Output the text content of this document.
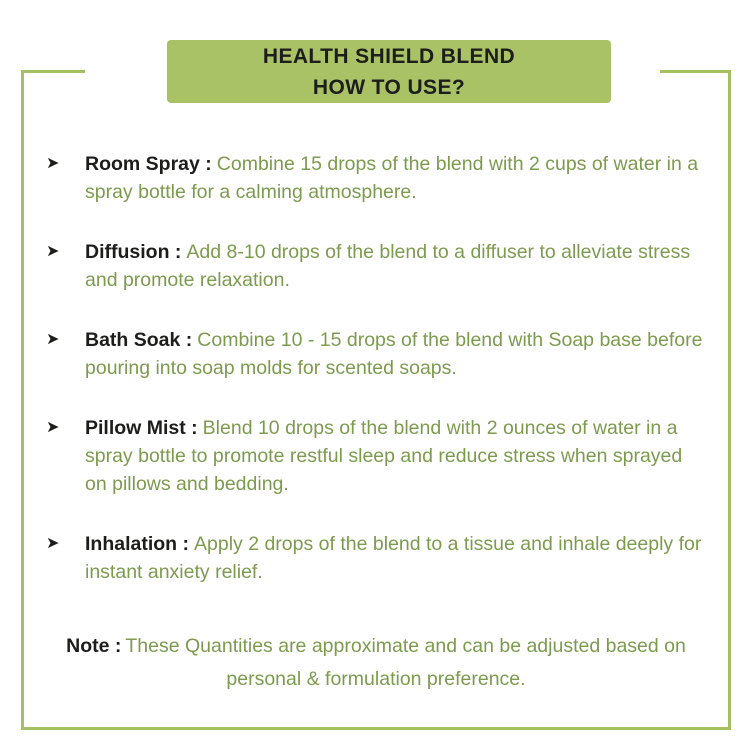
HEALTH SHIELD BLEND
HOW TO USE?
➤	Room Spray : Combine 15 drops of the blend with 2 cups of water in a spray bottle for a calming atmosphere.

➤	Diffusion : Add 8-10 drops of the blend to a diffuser to alleviate stress and promote relaxation.

➤	Bath Soak : Combine 10 - 15 drops of the blend with Soap base before pouring into soap molds for scented soaps.

➤	Pillow Mist : Blend 10 drops of the blend with 2 ounces of water in a spray bottle to promote restful sleep and reduce stress when sprayed on pillows and bedding.

➤	Inhalation : Apply 2 drops of the blend to a tissue and inhale deeply for instant anxiety relief.

Note : These Quantities are approximate and can be adjusted based on

personal & formulation preference.
